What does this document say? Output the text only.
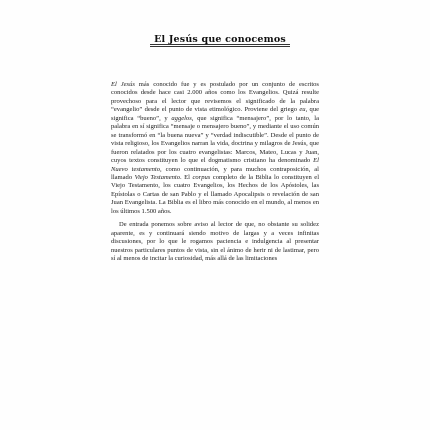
El Jesús que conocemos

El Jesús más conocido fue y es postulado por un conjunto de escritos conocidos desde hace casi 2.000 años como los Evangelios. Quizá resulte provechoso para el lector que revisemos el significado de la palabra “evangelio” desde el punto de vista etimológico. Proviene del griego eu, que significa “bueno”, y aggelos, que significa “mensajero”, por lo tanto, la palabra en sí significa “mensaje o mensajero bueno”, y mediante el uso común se transformó en “la buena nueva” y “verdad indiscutible”. Desde el punto de vista religioso, los Evangelios narran la vida, doctrina y milagros de Jesús, que fueron relatados por los cuatro evangelistas: Marcos, Mateo, Lucas y Juan, cuyos textos constituyen lo que el dogmatismo cristiano ha denominado El Nuevo testamento, como continuación, y para muchos contraposición, al llamado Viejo Testamento. El corpus completo de la Biblia lo constituyen el Viejo Testamento, los cuatro Evangelios, los Hechos de los Apóstoles, las Epístolas o Cartas de san Pablo y el llamado Apocalipsis o revelación de san Juan Evangelista. La Biblia es el libro más conocido en el mundo, al menos en los últimos 1.500 años.

De entrada ponemos sobre aviso al lector de que, no obstante su solidez aparente, es y continuará siendo motivo de largas y a veces infinitas discusiones, por lo que le rogamos paciencia e indulgencia al presentar nuestros particulares puntos de vista, sin el ánimo de herir ni de lastimar, pero sí al menos de incitar la curiosidad, más allá de las limitaciones
